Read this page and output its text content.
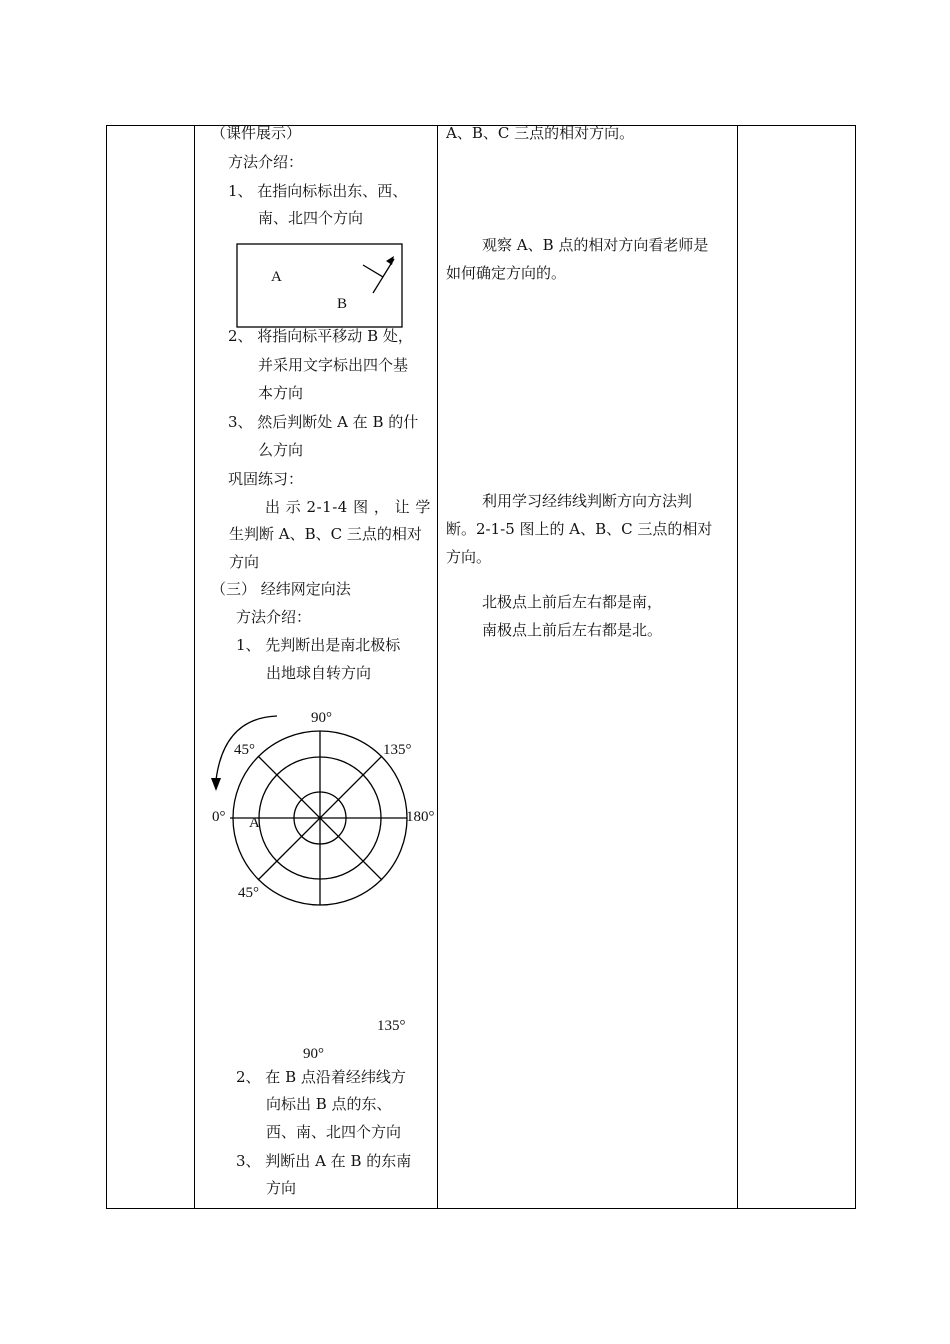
（课件展示）
方法介绍：
1、 在指向标标出东、西、
南、北四个方向
A
B
2、 将指向标平移动 B 处，
并采用文字标出四个基
本方向
3、 然后判断处 A 在 B 的什
么方向
巩固练习：
出 示 2-1-4 图 ， 让 学
生判断 A、B、C 三点的相对
方向
（三） 经纬网定向法
方法介绍：
1、 先判断出是南北极标
出地球自转方向
90°
45°	135°
0° A	180°
45°
135°
90°
2、 在 B 点沿着经纬线方
向标出 B 点的东、
西、南、北四个方向
3、 判断出 A 在 B 的东南
方向
A、B、C 三点的相对方向。
观察 A、B 点的相对方向看老师是
如何确定方向的。
利用学习经纬线判断方向方法判
断。2-1-5 图上的 A、B、C 三点的相对
方向。
北极点上前后左右都是南，
南极点上前后左右都是北。
